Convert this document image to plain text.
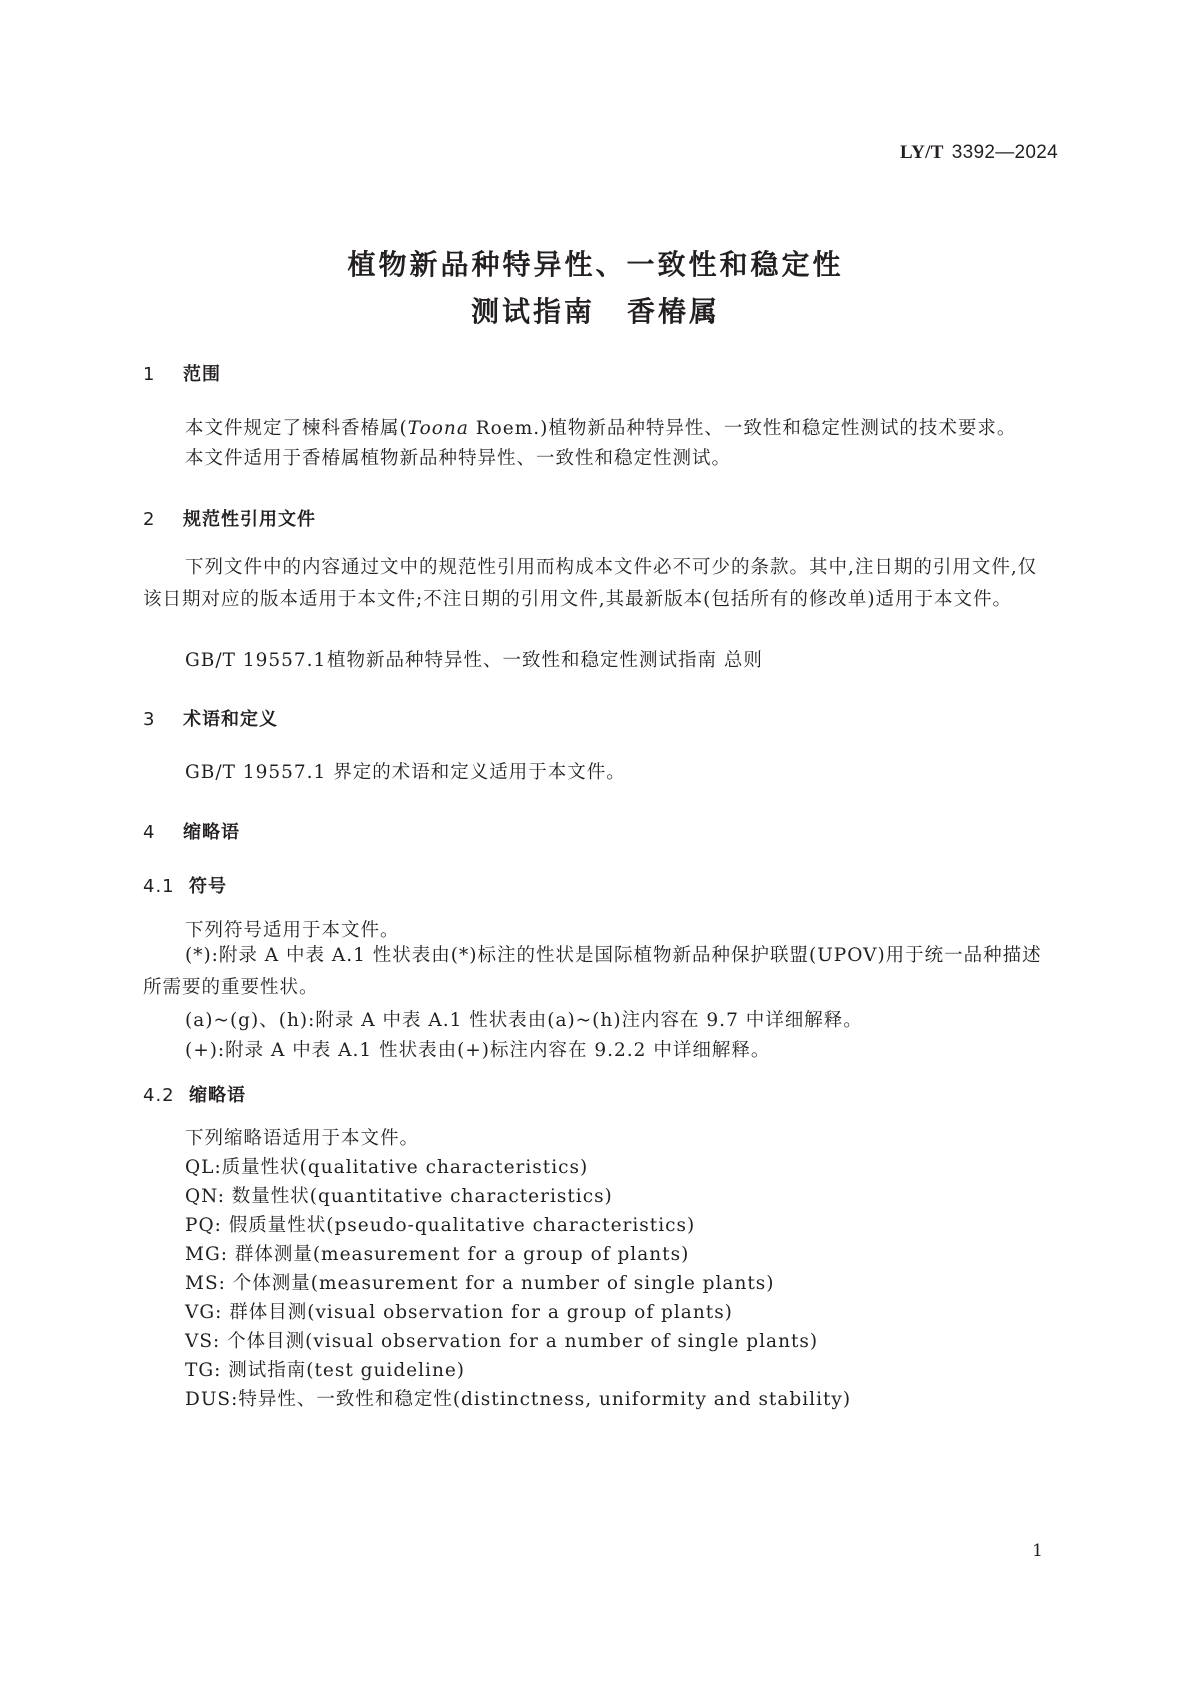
LY/T 3392—2024
植物新品种特异性、一致性和稳定性
测试指南 香椿属
1 范围
本文件规定了楝科香椿属(Toona Roem.)植物新品种特异性、一致性和稳定性测试的技术要求。
本文件适用于香椿属植物新品种特异性、一致性和稳定性测试。
2 规范性引用文件
下列文件中的内容通过文中的规范性引用而构成本文件必不可少的条款。其中,注日期的引用文件,仅该日期对应的版本适用于本文件;不注日期的引用文件,其最新版本(包括所有的修改单)适用于本文件。
GB/T 19557.1植物新品种特异性、一致性和稳定性测试指南 总则
3 术语和定义
GB/T 19557.1 界定的术语和定义适用于本文件。
4 缩略语
4.1 符号
下列符号适用于本文件。
(*):附录 A 中表 A.1 性状表由(*)标注的性状是国际植物新品种保护联盟(UPOV)用于统一品种描述所需要的重要性状。
(a)~(g)、(h):附录 A 中表 A.1 性状表由(a)~(h)注内容在 9.7 中详细解释。
(+):附录 A 中表 A.1 性状表由(+)标注内容在 9.2.2 中详细解释。
4.2 缩略语
下列缩略语适用于本文件。
QL:质量性状(qualitative characteristics)
QN: 数量性状(quantitative characteristics)
PQ: 假质量性状(pseudo-qualitative characteristics)
MG: 群体测量(measurement for a group of plants)
MS: 个体测量(measurement for a number of single plants)
VG: 群体目测(visual observation for a group of plants)
VS: 个体目测(visual observation for a number of single plants)
TG: 测试指南(test guideline)
DUS:特异性、一致性和稳定性(distinctness, uniformity and stability)
1
